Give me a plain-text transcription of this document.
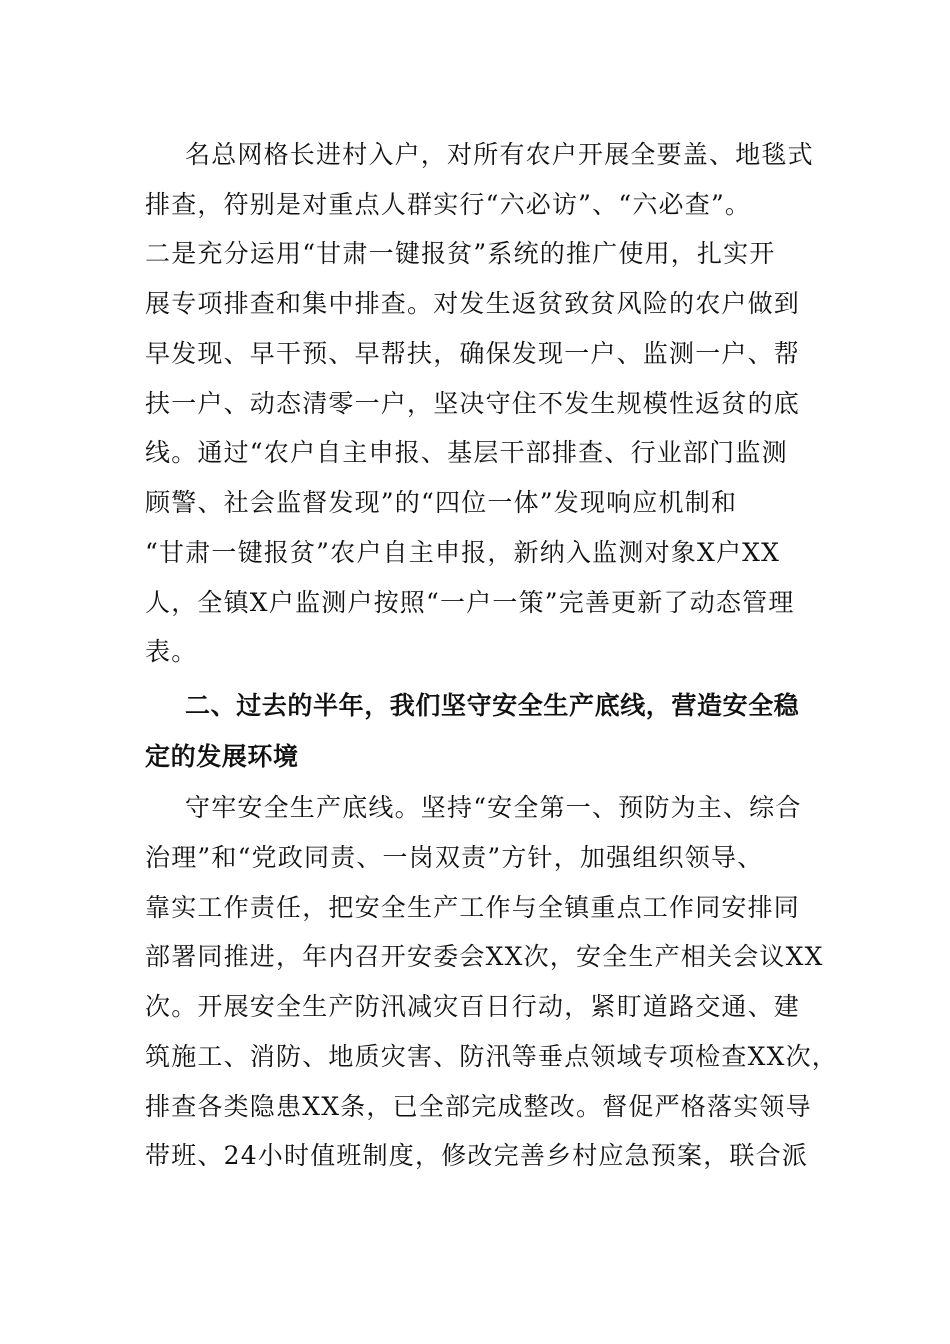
名总网格长进村入户，对所有农户开展全要盖、地毯式
排查，符别是对重点人群实行“六必访”、“六必查”。
二是充分运用“甘肃一键报贫”系统的推广使用，扎实开
展专项排查和集中排查。对发生返贫致贫风险的农户做到
早发现、早干预、早帮扶，确保发现一户、监测一户、帮
扶一户、动态清零一户，坚决守住不发生规模性返贫的底
线。通过“农户自主申报、基层干部排查、行业部门监测
顾警、社会监督发现”的“四位一体”发现响应机制和
“甘肃一键报贫”农户自主申报，新纳入监测对象X户XX
人，全镇X户监测户按照“一户一策”完善更新了动态管理
表。
二、过去的半年，我们坚守安全生产底线，营造安全稳
定的发展环境
守牢安全生产底线。坚持“安全第一、预防为主、综合
治理”和“党政同责、一岗双责”方针，加强组织领导、
靠实工作责任，把安全生产工作与全镇重点工作同安排同
部署同推进，年内召开安委会XX次，安全生产相关会议XX
次。开展安全生产防汛减灾百日行动，紧盯道路交通、建
筑施工、消防、地质灾害、防汛等垂点领域专项检查XX次，
排查各类隐患XX条，已全部完成整改。督促严格落实领导
带班、24小时值班制度，修改完善乡村应急预案，联合派
